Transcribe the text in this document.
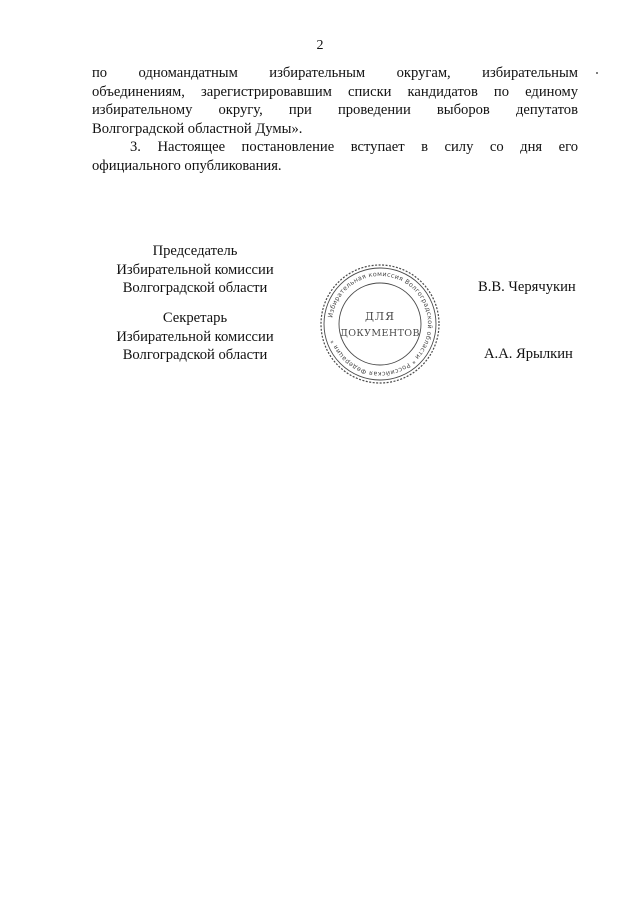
2
по одномандатным избирательным округам, избирательным
объединениям, зарегистрировавшим списки кандидатов по единому
избирательному округу, при проведении выборов депутатов
Волгоградской областной Думы».
3. Настоящее постановление вступает в силу со дня его
официального опубликования.
Председатель
Избирательной комиссии
Волгоградской области	В.В. Черячукин
Секретарь
Избирательной комиссии
Волгоградской области	А.А. Ярылкин
Избирательная комиссия Волгоградской области * Российская Федерация *
ДЛЯ
ДОКУМЕНТОВ
